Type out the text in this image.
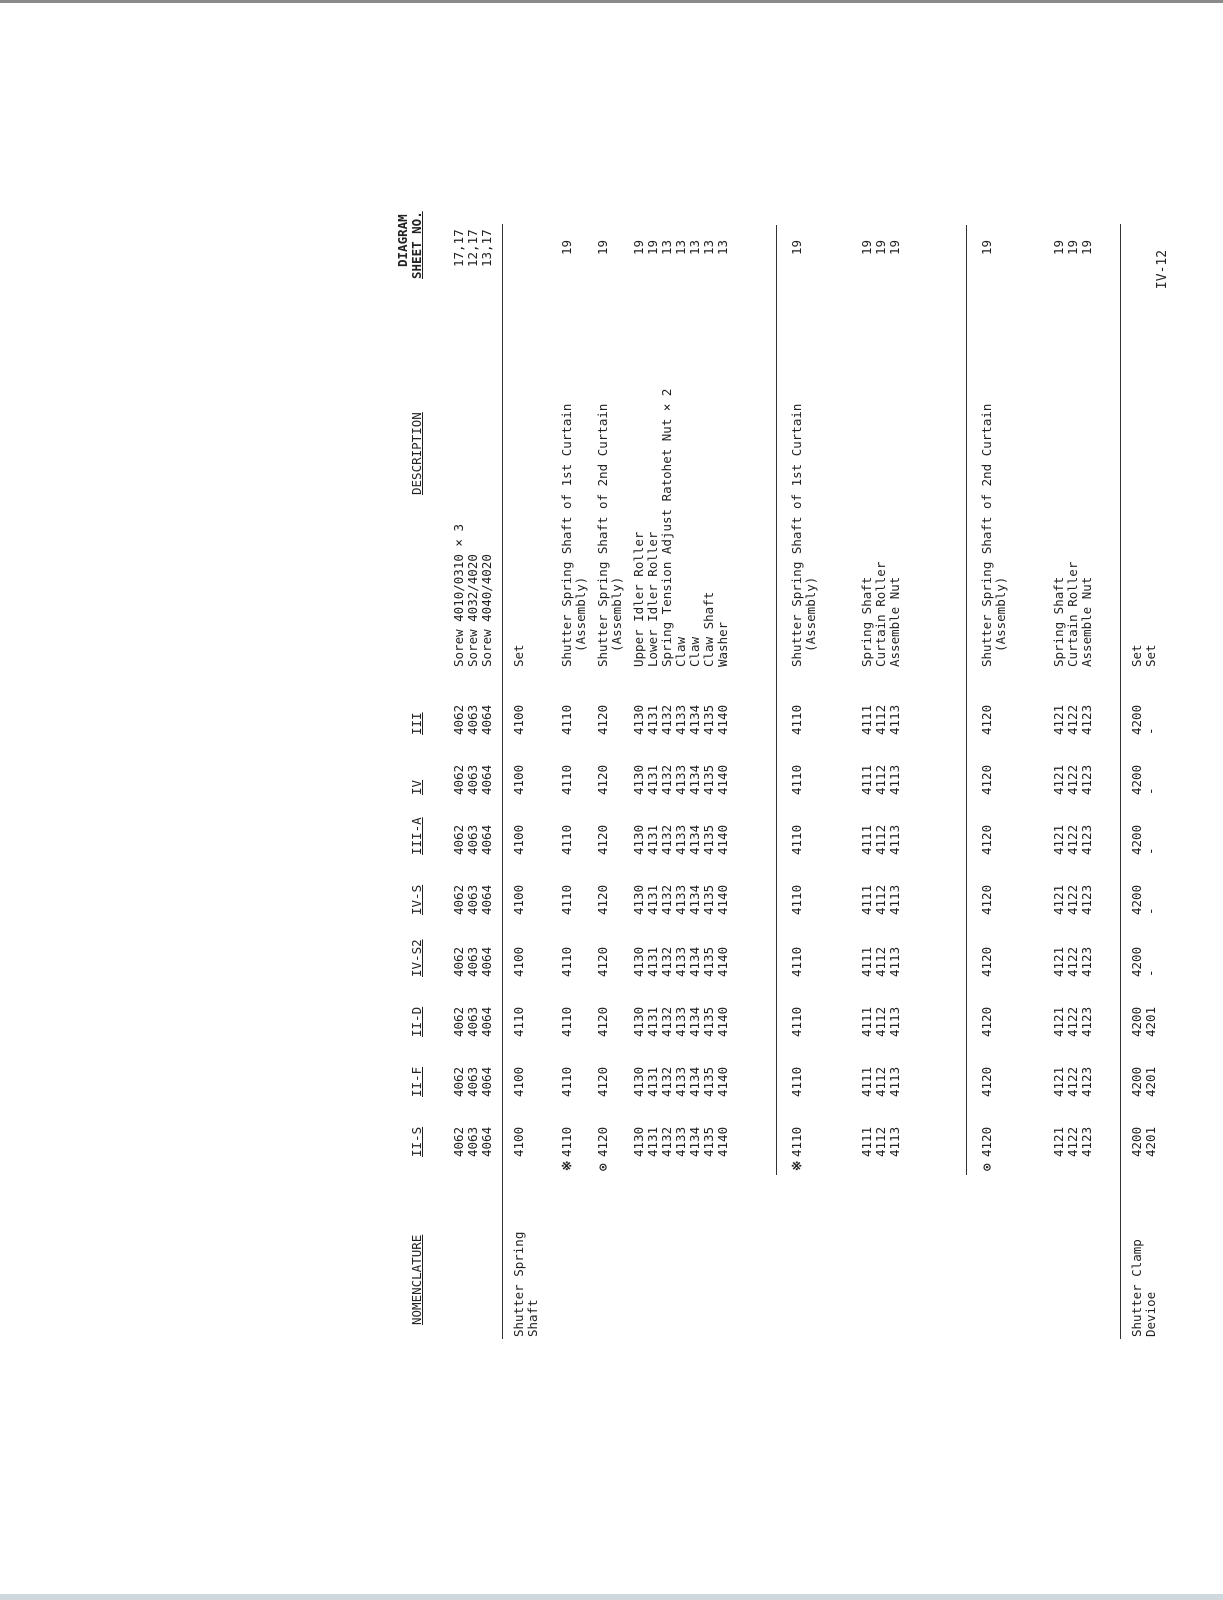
NOMENCLATURE
II-S
II-F
II-D
IV-S2
IV-S
III-A
IV
III
DESCRIPTION
DIAGRAM SHEET NO.
4062 4063 4064
4062 4063 4064
4062 4063 4064
4062 4063 4064
4062 4063 4064
4062 4063 4064
4062 4063 4064
4062 4063 4064
Sorew 4010/0310 × 3 Sorew 4032/4020 Sorew 4040/4020
17,17 12,17 13,17
Shutter Spring Shaft
4100
4100
4110
4100
4100
4100
4100
4100
Set
※
4110
4110
4110
4110
4110
4110
4110
4110
Shutter Spring Shaft of 1st Curtain (Assembly)
19
⊙
4120
4120
4120
4120
4120
4120
4120
4120
Shutter Spring Shaft of 2nd Curtain (Assembly)
19
4130 4131 4132 4133 4134 4135 4140
4130 4131 4132 4133 4134 4135 4140
4130 4131 4132 4133 4134 4135 4140
4130 4131 4132 4133 4134 4135 4140
4130 4131 4132 4133 4134 4135 4140
4130 4131 4132 4133 4134 4135 4140
4130 4131 4132 4133 4134 4135 4140
4130 4131 4132 4133 4134 4135 4140
Upper Idler Roller Lower Idler Roller Spring Tension Adjust Ratohet Nut × 2 Claw Claw Claw Shaft Washer
19 19 13 13 13 13 13
※
4110
4110
4110
4110
4110
4110
4110
4110
Shutter Spring Shaft of 1st Curtain (Assembly)
19
4111 4112 4113
4111 4112 4113
4111 4112 4113
4111 4112 4113
4111 4112 4113
4111 4112 4113
4111 4112 4113
4111 4112 4113
Spring Shaft Curtain Roller Assemble Nut
19 19 19
⊙
4120
4120
4120
4120
4120
4120
4120
4120
Shutter Spring Shaft of 2nd Curtain (Assembly)
19
4121 4122 4123
4121 4122 4123
4121 4122 4123
4121 4122 4123
4121 4122 4123
4121 4122 4123
4121 4122 4123
4121 4122 4123
Spring Shaft Curtain Roller Assemble Nut
19 19 19
Shutter Clamp Devioe
4200 4201
4200 4201
4200 4201
4200 -
4200 -
4200 -
4200 -
4200 -
Set Set
IV-12
